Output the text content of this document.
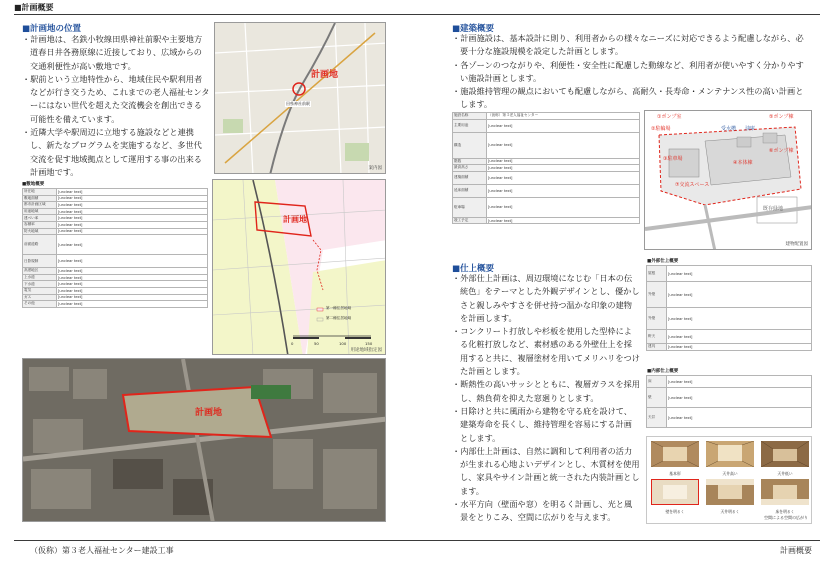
■計画概要
■計画地の位置
・ 計画地は、名鉄小牧線田県神社前駅や主要地方道春日井各務原線に近接しており、広域からの交通利便性が高い敷地です。
・ 駅前という立地特性から、地域住民や駅利用者などが行き交うため、これまでの老人福祉センターにはない世代を超えた交流機会を創出できる可能性を備えています。
・ 近隣大学や駅周辺に立地する施設などと連携し、新たなプログラムを実施するなど、多世代交流を促す地域拠点として運用する事の出来る計画地です。
計画地
田県神社前駅
案内図
■敷地概要
所在地	[unclear text]
敷地面積	[unclear text]
都市計画区域	[unclear text]
用途地域	[unclear text]
建ぺい率	[unclear text]
容積率	[unclear text]
防火地域	[unclear text]
前面道路	[unclear text]
日影規制	[unclear text]
高度地区	[unclear text]
上水道	[unclear text]
下水道	[unclear text]
電気	[unclear text]
ガス	[unclear text]
その他	[unclear text]
計画地
第一種住居地域
第二種住居地域
0	50	100	150
用途地域指定図
計画地
■建築概要
・ 計画施設は、基本設計に則り、利用者からの様々なニーズに対応できるよう配慮しながら、必要十分な施設規模を設定した計画とします。
・ 各ゾーンのつながりや、利便性・安全性に配慮した動線など、利用者が使いやすく分かりやすい施設計画とします。
・ 施設維持管理の観点においても配慮しながら、高耐久・長寿命・メンテナンス性の高い計画とします。
施設名称	（仮称）第３老人福祉センター
主要用途	[unclear text]
構造	[unclear text]
階数	[unclear text]
最高高さ	[unclear text]
建築面積	[unclear text]
延床面積	[unclear text]
駐車場	[unclear text]
竣工予定	[unclear text]
①ポンプ室
②駐輪場	受水槽 油庫
⑤ポンプ棟
③駐車場
④本体棟
⑥ポンプ棟
⑦交流スペース
既存緑地
建物配置図
■仕上概要
・ 外部仕上計画は、周辺環境になじむ「日本の伝統色」をテーマとした外観デザインとし、優かしさと親しみやすさを併せ持つ温かな印象の建物を計画します。
・ コンクリート打放しや杉板を使用した型枠による化粧打放しなど、素材感のある外壁仕上を採用すると共に、複層塗材を用いてメリハリをつけた計画とします。
・ 断熱性の高いサッシとともに、複層ガラスを採用し、熱負荷を抑えた窓廻りとします。
・ 日除けと共に風雨から建物を守る庇を設けて、建築寿命を長くし、維持管理を容易にする計画とします。
・ 内部仕上計画は、自然に調和して利用者の活力が生まれる心地よいデザインとし、木質材を使用し、家具やサイン計画と統一された内装計画とします。
・ 水平方向（壁面や窓）を明るく計画し、光と風景をとりこみ、空間に広がりを与えます。
■外部仕上概要
屋根	[unclear text]
外壁	[unclear text]
外壁	[unclear text]
軒天	[unclear text]
建具	[unclear text]
■内部仕上概要
床	[unclear text]
壁	[unclear text]
天井	[unclear text]
基本形	天井高い	天井低い
壁を明るく	天井明るく	床を明るく
空間による空間の広がり
（仮称）第３老人福祉センター建設工事	計画概要
